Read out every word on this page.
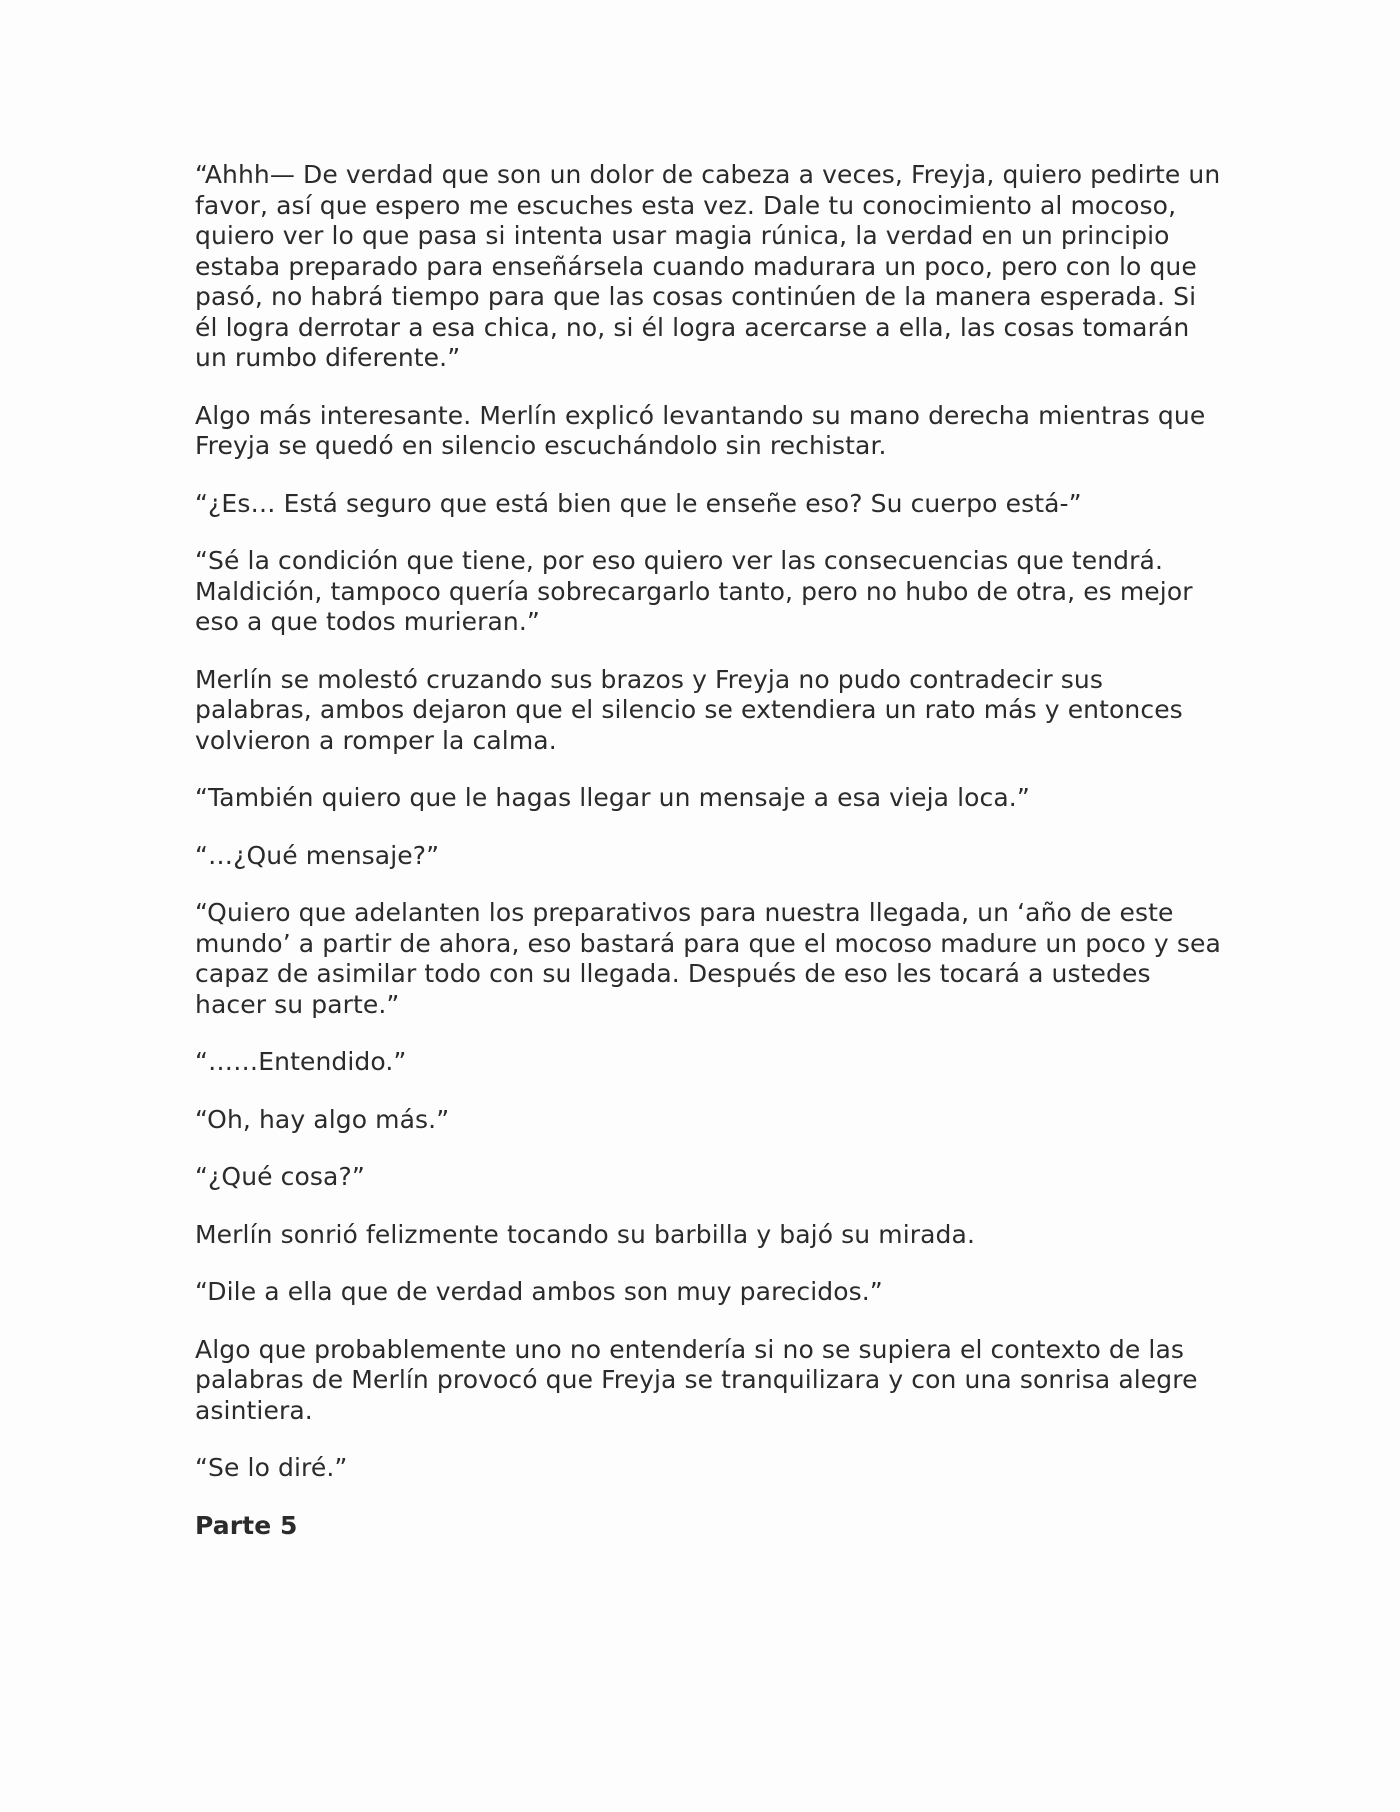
“Ahhh— De verdad que son un dolor de cabeza a veces, Freyja, quiero pedirte un favor, así que espero me escuches esta vez. Dale tu conocimiento al mocoso, quiero ver lo que pasa si intenta usar magia rúnica, la verdad en un principio estaba preparado para enseñársela cuando madurara un poco, pero con lo que pasó, no habrá tiempo para que las cosas continúen de la manera esperada. Si él logra derrotar a esa chica, no, si él logra acercarse a ella, las cosas tomarán un rumbo diferente.”

Algo más interesante. Merlín explicó levantando su mano derecha mientras que Freyja se quedó en silencio escuchándolo sin rechistar.

“¿Es… Está seguro que está bien que le enseñe eso? Su cuerpo está-”

“Sé la condición que tiene, por eso quiero ver las consecuencias que tendrá. Maldición, tampoco quería sobrecargarlo tanto, pero no hubo de otra, es mejor eso a que todos murieran.”

Merlín se molestó cruzando sus brazos y Freyja no pudo contradecir sus palabras, ambos dejaron que el silencio se extendiera un rato más y entonces volvieron a romper la calma.

“También quiero que le hagas llegar un mensaje a esa vieja loca.”

“…¿Qué mensaje?”

“Quiero que adelanten los preparativos para nuestra llegada, un ‘año de este mundo’ a partir de ahora, eso bastará para que el mocoso madure un poco y sea capaz de asimilar todo con su llegada. Después de eso les tocará a ustedes hacer su parte.”

“……Entendido.”

“Oh, hay algo más.”

“¿Qué cosa?”

Merlín sonrió felizmente tocando su barbilla y bajó su mirada.

“Dile a ella que de verdad ambos son muy parecidos.”

Algo que probablemente uno no entendería si no se supiera el contexto de las palabras de Merlín provocó que Freyja se tranquilizara y con una sonrisa alegre asintiera.

“Se lo diré.”

Parte 5
